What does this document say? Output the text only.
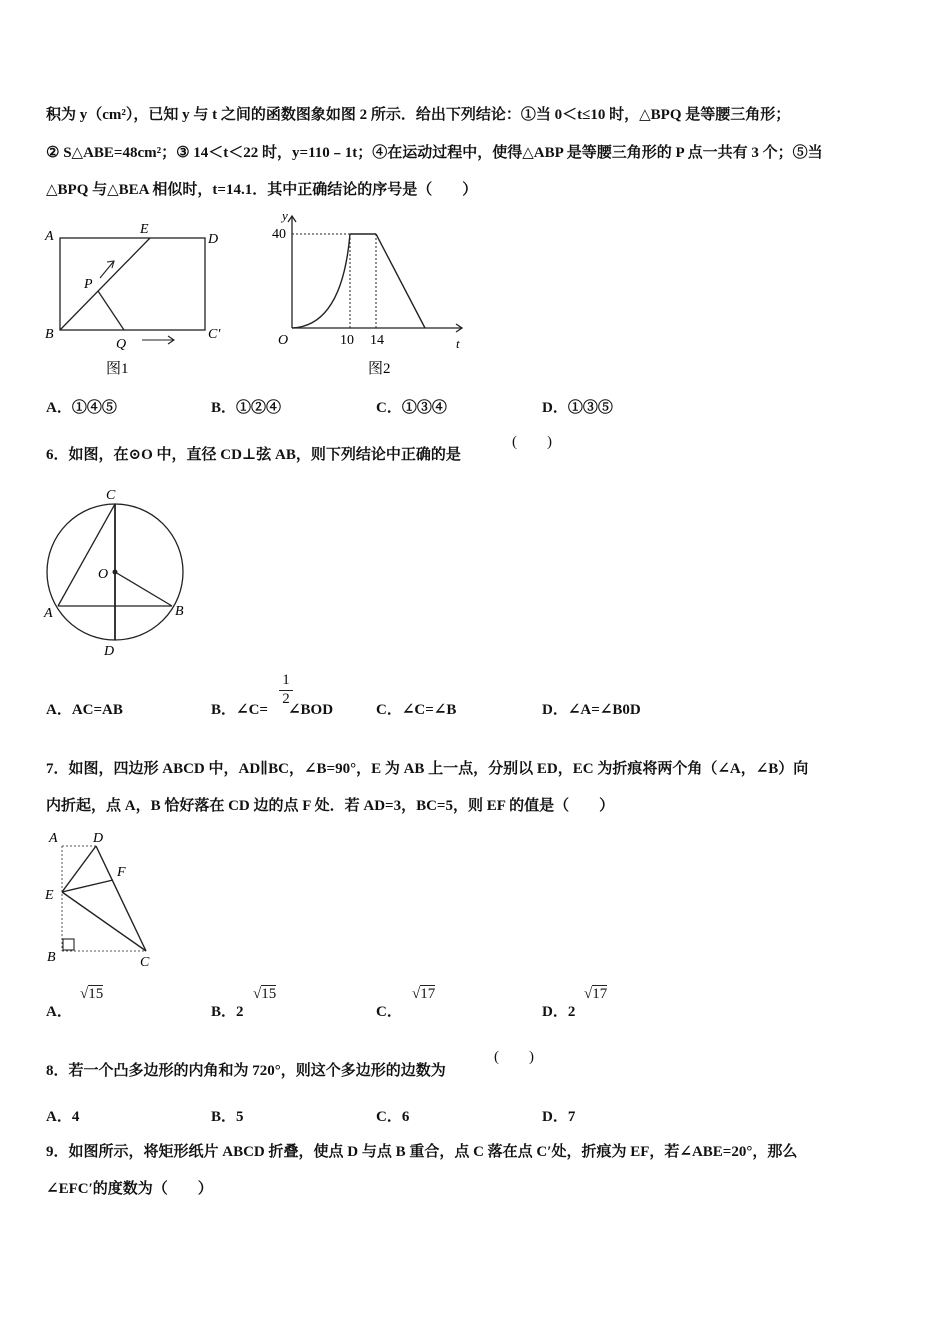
积为 y（cm²），已知 y 与 t 之间的函数图象如图 2 所示．给出下列结论：①当 0＜t≤10 时，△BPQ 是等腰三角形；
② S△ABE=48cm²；③ 14＜t＜22 时，y=110﹣1t；④在运动过程中，使得△ABP 是等腰三角形的 P 点一共有 3 个；⑤当
△BPQ 与△BEA 相似时，t=14.1．其中正确结论的序号是（　　）
A	E
D
P
B
Q
C'
图1
y
40
O	10 14	t
图2
A．①④⑤	B．①②④	C．①③④	D．①③⑤
6．如图，在⊙O 中，直径 CD⊥弦 AB，则下列结论中正确的是
(　　)
C
O
A	B
D
A．AC=AB	B．∠C= ∠BOD
$\frac{1}{2}$
C．∠C=∠B	D．∠A=∠B0D
7．如图，四边形 ABCD 中，AD∥BC，∠B=90°，E 为 AB 上一点，分别以 ED，EC 为折痕将两个角（∠A，∠B）向
内折起，点 A，B 恰好落在 CD 边的点 F 处．若 AD=3，BC=5，则 EF 的值是（　　）
A	D
F
E
B	C
A．
√15
B．2
√15
C．
√17
D．2
√17
8．若一个凸多边形的内角和为 720°，则这个多边形的边数为
(　　)
A．4	B．5	C．6	D．7
9．如图所示，将矩形纸片 ABCD 折叠，使点 D 与点 B 重合，点 C 落在点 C′处，折痕为 EF，若∠ABE=20°，那么
∠EFC′的度数为（　　）
